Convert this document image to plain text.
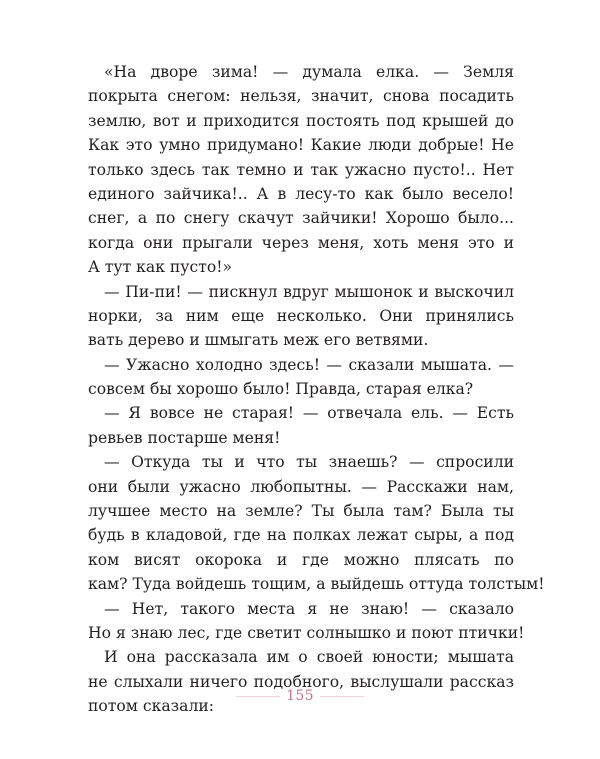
«На дворе зима! — думала елка. — Земля
покрыта снегом: нельзя, значит, снова посадить
землю, вот и приходится постоять под крышей до
Как это умно придумано! Какие люди добрые! Не
только здесь так темно и так ужасно пусто!.. Нет
единого зайчика!.. А в лесу-то как было весело!
снег, а по снегу скачут зайчики! Хорошо было...
когда они прыгали через меня, хоть меня это и
А тут как пусто!»
— Пи-пи! — пискнул вдруг мышонок и выскочил
норки, за ним еще несколько. Они принялись
вать дерево и шмыгать меж его ветвями.
— Ужасно холодно здесь! — сказали мышата. —
совсем бы хорошо было! Правда, старая елка?
— Я вовсе не старая! — отвечала ель. — Есть
ревьев постарше меня!
— Откуда ты и что ты знаешь? — спросили
они были ужасно любопытны. — Расскажи нам,
лучшее место на земле? Ты была там? Была ты
будь в кладовой, где на полках лежат сыры, а под
ком висят окорока и где можно плясать по
кам? Туда войдешь тощим, а выйдешь оттуда толстым!
— Нет, такого места я не знаю! — сказало
Но я знаю лес, где светит солнышко и поют птички!
И она рассказала им о своей юности; мышата
не слыхали ничего подобного, выслушали рассказ
потом сказали:
155
